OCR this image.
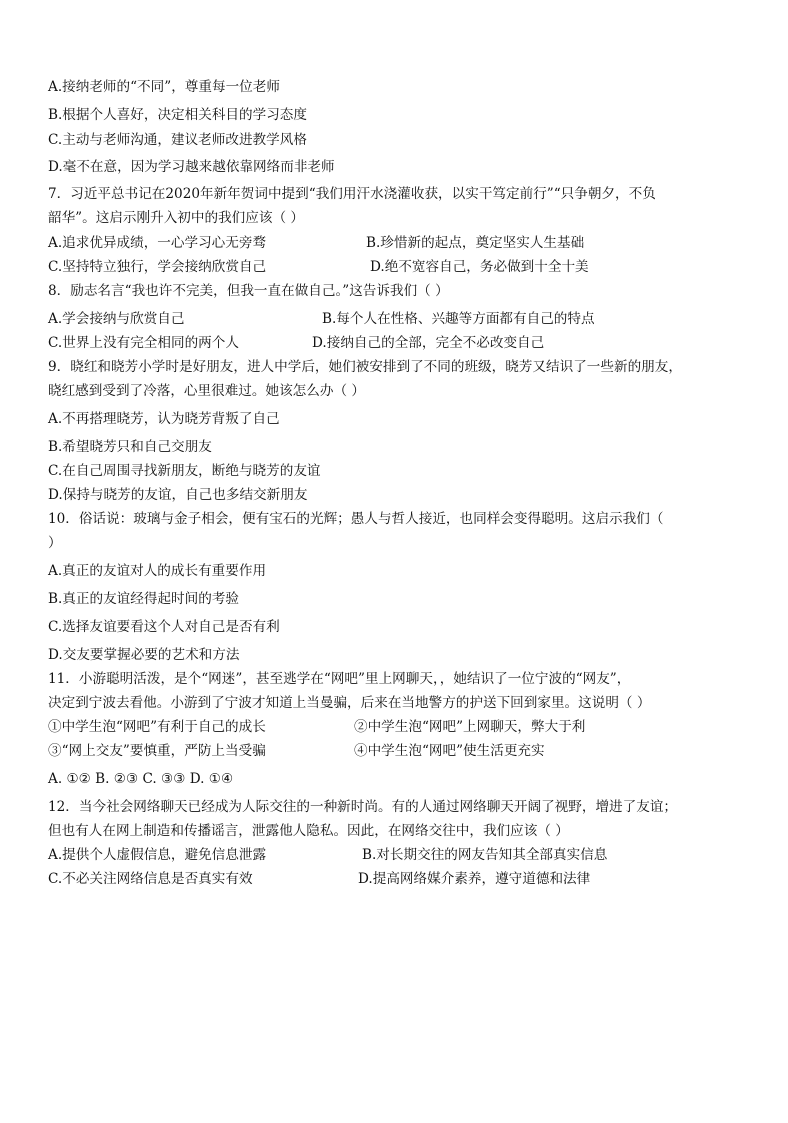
A.接纳老师的“不同”，尊重每一位老师
B.根据个人喜好，决定相关科目的学习态度
C.主动与老师沟通，建议老师改进教学风格
D.毫不在意，因为学习越来越依靠网络而非老师
7．习近平总书记在2020年新年贺词中提到“我们用汗水浇灌收获，以实干笃定前行”“只争朝夕，不负
韶华”。这启示刚升入初中的我们应该（ ）
A.追求优异成绩，一心学习心无旁骛	B.珍惜新的起点，奠定坚实人生基础
C.坚持特立独行，学会接纳欣赏自己	D.绝不宽容自己，务必做到十全十美
8．励志名言“我也许不完美，但我一直在做自己。”这告诉我们（ ）
A.学会接纳与欣赏自己	B.每个人在性格、兴趣等方面都有自己的特点
C.世界上没有完全相同的两个人	D.接纳自己的全部，完全不必改变自己
9．晓红和晓芳小学时是好朋友，进人中学后，她们被安排到了不同的班级，晓芳又结识了一些新的朋友，
晓红感到受到了冷落，心里很难过。她该怎么办（ ）
A.不再搭理晓芳，认为晓芳背叛了自己
B.希望晓芳只和自己交朋友
C.在自己周围寻找新朋友，断绝与晓芳的友谊
D.保持与晓芳的友谊，自己也多结交新朋友
10．俗话说：玻璃与金子相会，便有宝石的光辉；愚人与哲人接近，也同样会变得聪明。这启示我们（
）
A.真正的友谊对人的成长有重要作用
B.真正的友谊经得起时间的考验
C.选择友谊要看这个人对自己是否有利
D.交友要掌握必要的艺术和方法
11．小游聪明活泼，是个“网迷”，甚至逃学在“网吧”里上网聊天，，她结识了一位宁波的“网友”，
决定到宁波去看他。小游到了宁波才知道上当曼骗，后来在当地警方的护送下回到家里。这说明（ ）
①中学生泡“网吧”有利于自己的成长	②中学生泡“网吧”上网聊天，弊大于利
③“网上交友”要慎重，严防上当受骗	④中学生泡“网吧”使生活更充实
A. ①② B. ②③ C. ③③ D. ①④
12．当今社会网络聊天已经成为人际交往的一种新时尚。有的人通过网络聊天开阔了视野，增进了友谊；
但也有人在网上制造和传播谣言，泄露他人隐私。因此，在网络交往中，我们应该（ ）
A.提供个人虚假信息，避免信息泄露	B.对长期交往的网友告知其全部真实信息
C.不必关注网络信息是否真实有效	D.提高网络媒介素养，遵守道德和法律
